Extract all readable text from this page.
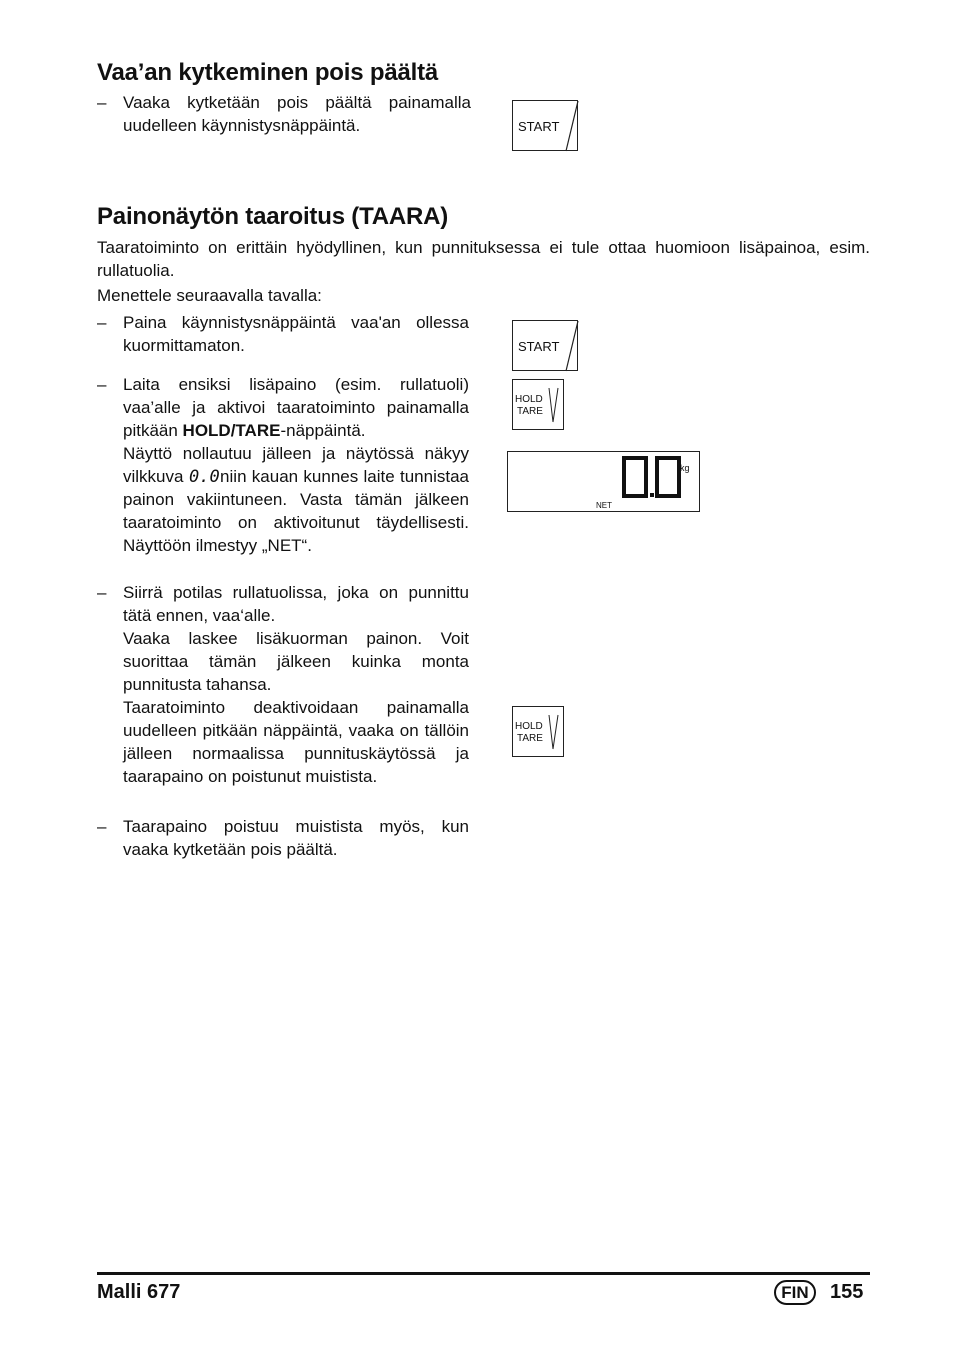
Vaa’an kytkeminen pois päältä
– Vaaka kytketään pois päältä painamalla uudelleen käynnistysnäppäintä.	START
Painonäytön taaroitus (TAARA)

Taaratoiminto on erittäin hyödyllinen, kun punnituksessa ei tule ottaa huomioon lisäpainoa, esim. rullatuolia.

Menettele seuraavalla tavalla:

– Paina käynnistysnäppäintä vaa'an ollessa kuormittamaton.

– Laita ensiksi lisäpaino (esim. rullatuoli) vaa’alle ja aktivoi taaratoiminto painamalla pitkään HOLD/TARE-näppäintä.

Näyttö nollautuu jälleen ja näytössä näkyy vilkkuva 0.0
niin kauan kunnes laite tunnistaa painon vakiintuneen. Vasta tämän jälkeen taaratoiminto on aktivoitunut täydellisesti. Näyttöön ilmestyy „NET“.

– Siirrä potilas rullatuolissa, joka on punnittu tätä ennen, vaa‘alle.

Vaaka laskee lisäkuorman painon. Voit suorittaa tämän jälkeen kuinka monta punnitusta tahansa.

Taaratoiminto deaktivoidaan painamalla uudelleen pitkään näppäintä, vaaka on tällöin jälleen normaalissa punnituskäytössä ja taarapaino on poistunut muistista.

– Taarapaino poistuu muistista myös, kun vaaka kytketään pois päältä.

START
HOLD
TARE
kg
NET
HOLD
TARE
Malli 677	FIN	155
